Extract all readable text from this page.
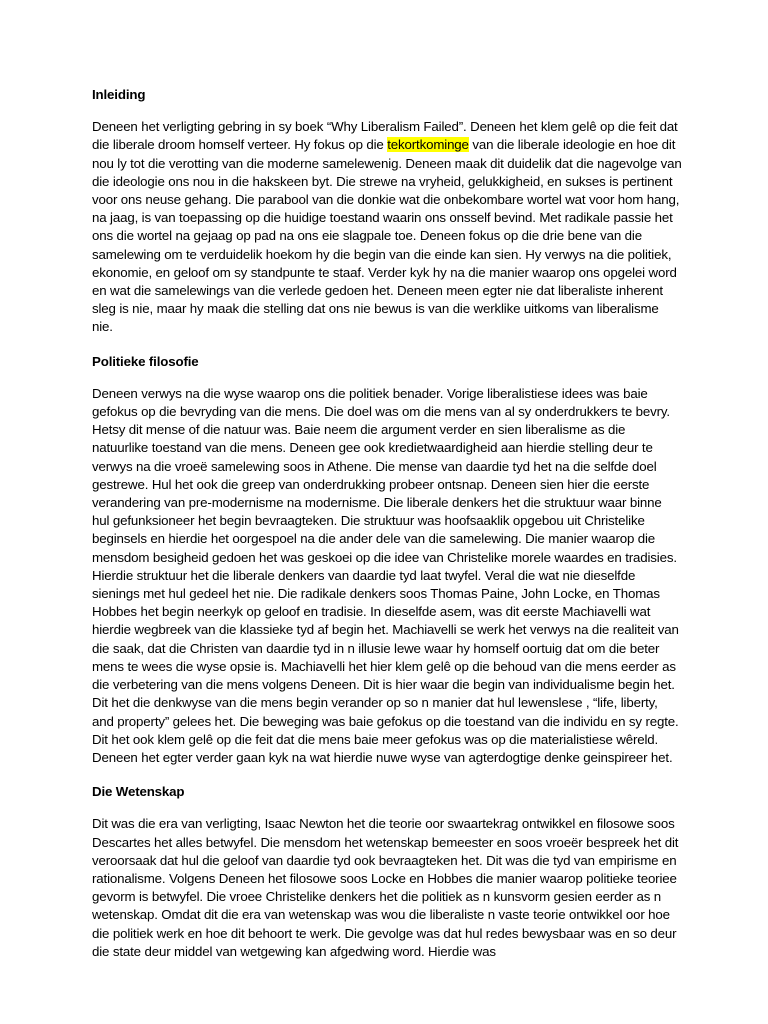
Inleiding
Deneen het verligting gebring in sy boek “Why Liberalism Failed”. Deneen het klem gelê op die feit dat die liberale droom homself verteer. Hy fokus op die tekortkominge van die liberale ideologie en hoe dit nou ly tot die verotting van die moderne samelewenig. Deneen maak dit duidelik dat die nagevolge van die ideologie ons nou in die hakskeen byt. Die strewe na vryheid, gelukkigheid, en sukses is pertinent voor ons neuse gehang. Die parabool van die donkie wat die onbekombare wortel wat voor hom hang, na jaag, is van toepassing op die huidige toestand waarin ons onsself bevind. Met radikale passie het ons die wortel na gejaag op pad na ons eie slagpale toe. Deneen fokus op die drie bene van die samelewing om te verduidelik hoekom hy die begin van die einde kan sien. Hy verwys na die politiek, ekonomie, en geloof om sy standpunte te staaf. Verder kyk hy na die manier waarop ons opgelei word en wat die samelewings van die verlede gedoen het. Deneen meen egter nie dat liberaliste inherent sleg is nie, maar hy maak die stelling dat ons nie bewus is van die werklike uitkoms van liberalisme nie.
Politieke filosofie
Deneen verwys na die wyse waarop ons die politiek benader. Vorige liberalistiese idees was baie gefokus op die bevryding van die mens. Die doel was om die mens van al sy onderdrukkers te bevry. Hetsy dit mense of die natuur was. Baie neem die argument verder en sien liberalisme as die natuurlike toestand van die mens. Deneen gee ook kredietwaardigheid aan hierdie stelling deur te verwys na die vroeë samelewing soos in Athene. Die mense van daardie tyd het na die selfde doel gestrewe. Hul het ook die greep van onderdrukking probeer ontsnap. Deneen sien hier die eerste verandering van pre-modernisme na modernisme. Die liberale denkers het die struktuur waar binne hul gefunksioneer het begin bevraagteken. Die struktuur was hoofsaaklik opgebou uit Christelike beginsels en hierdie het oorgespoel na die ander dele van die samelewing. Die manier waarop die mensdom besigheid gedoen het was geskoei op die idee van Christelike morele waardes en tradisies. Hierdie struktuur het die liberale denkers van daardie tyd laat twyfel. Veral die wat nie dieselfde sienings met hul gedeel het nie. Die radikale denkers soos Thomas Paine, John Locke, en Thomas Hobbes het begin neerkyk op geloof en tradisie. In dieselfde asem, was dit eerste Machiavelli wat hierdie wegbreek van die klassieke tyd af begin het. Machiavelli se werk het verwys na die realiteit van die saak, dat die Christen van daardie tyd in n illusie lewe waar hy homself oortuig dat om die beter mens te wees die wyse opsie is. Machiavelli het hier klem gelê op die behoud van die mens eerder as die verbetering van die mens volgens Deneen. Dit is hier waar die begin van individualisme begin het. Dit het die denkwyse van die mens begin verander op so n manier dat hul lewenslese , “life, liberty, and property” gelees het. Die beweging was baie gefokus op die toestand van die individu en sy regte. Dit het ook klem gelê op die feit dat die mens baie meer gefokus was op die materialistiese wêreld. Deneen het egter verder gaan kyk na wat hierdie nuwe wyse van agterdogtige denke geinspireer het.
Die Wetenskap
Dit was die era van verligting, Isaac Newton het die teorie oor swaartekrag ontwikkel en filosowe soos Descartes het alles betwyfel. Die mensdom het wetenskap bemeester en soos vroeër bespreek het dit veroorsaak dat hul die geloof van daardie tyd ook bevraagteken het. Dit was die tyd van empirisme en rationalisme. Volgens Deneen het filosowe soos Locke en Hobbes die manier waarop politieke teoriee gevorm is betwyfel. Die vroee Christelike denkers het die politiek as n kunsvorm gesien eerder as n wetenskap. Omdat dit die era van wetenskap was wou die liberaliste n vaste teorie ontwikkel oor hoe die politiek werk en hoe dit behoort te werk. Die gevolge was dat hul redes bewysbaar was en so deur die state deur middel van wetgewing kan afgedwing word. Hierdie was
